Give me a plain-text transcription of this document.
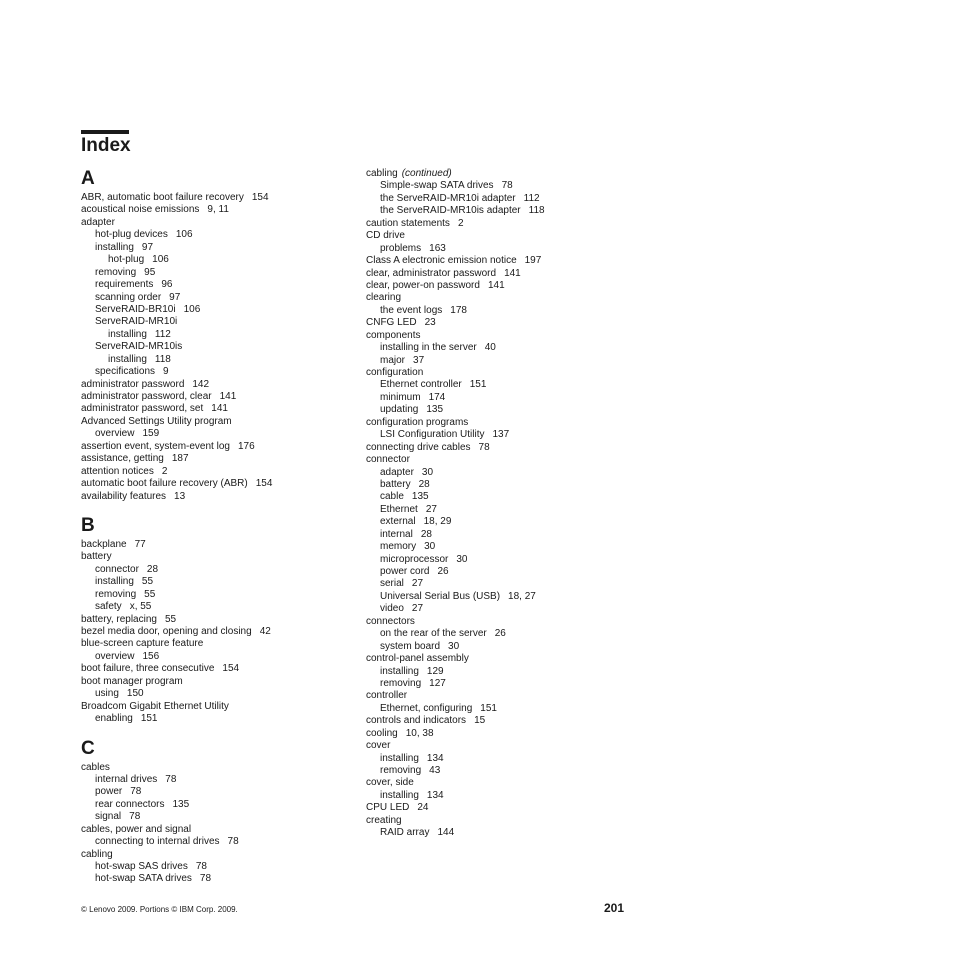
Index
A
ABR, automatic boot failure recovery 154
acoustical noise emissions 9, 11
adapter
hot-plug devices 106
installing 97
hot-plug 106
removing 95
requirements 96
scanning order 97
ServeRAID-BR10i 106
ServeRAID-MR10i
installing 112
ServeRAID-MR10is
installing 118
specifications 9
administrator password 142
administrator password, clear 141
administrator password, set 141
Advanced Settings Utility program
overview 159
assertion event, system-event log 176
assistance, getting 187
attention notices 2
automatic boot failure recovery (ABR) 154
availability features 13
B
backplane 77
battery
connector 28
installing 55
removing 55
safety x, 55
battery, replacing 55
bezel media door, opening and closing 42
blue-screen capture feature
overview 156
boot failure, three consecutive 154
boot manager program
using 150
Broadcom Gigabit Ethernet Utility
enabling 151
C
cables
internal drives 78
power 78
rear connectors 135
signal 78
cables, power and signal
connecting to internal drives 78
cabling
hot-swap SAS drives 78
hot-swap SATA drives 78
cabling (continued)
Simple-swap SATA drives 78
the ServeRAID-MR10i adapter 112
the ServeRAID-MR10is adapter 118
caution statements 2
CD drive
problems 163
Class A electronic emission notice 197
clear, administrator password 141
clear, power-on password 141
clearing
the event logs 178
CNFG LED 23
components
installing in the server 40
major 37
configuration
Ethernet controller 151
minimum 174
updating 135
configuration programs
LSI Configuration Utility 137
connecting drive cables 78
connector
adapter 30
battery 28
cable 135
Ethernet 27
external 18, 29
internal 28
memory 30
microprocessor 30
power cord 26
serial 27
Universal Serial Bus (USB) 18, 27
video 27
connectors
on the rear of the server 26
system board 30
control-panel assembly
installing 129
removing 127
controller
Ethernet, configuring 151
controls and indicators 15
cooling 10, 38
cover
installing 134
removing 43
cover, side
installing 134
CPU LED 24
creating
RAID array 144
© Lenovo 2009. Portions © IBM Corp. 2009.	201
